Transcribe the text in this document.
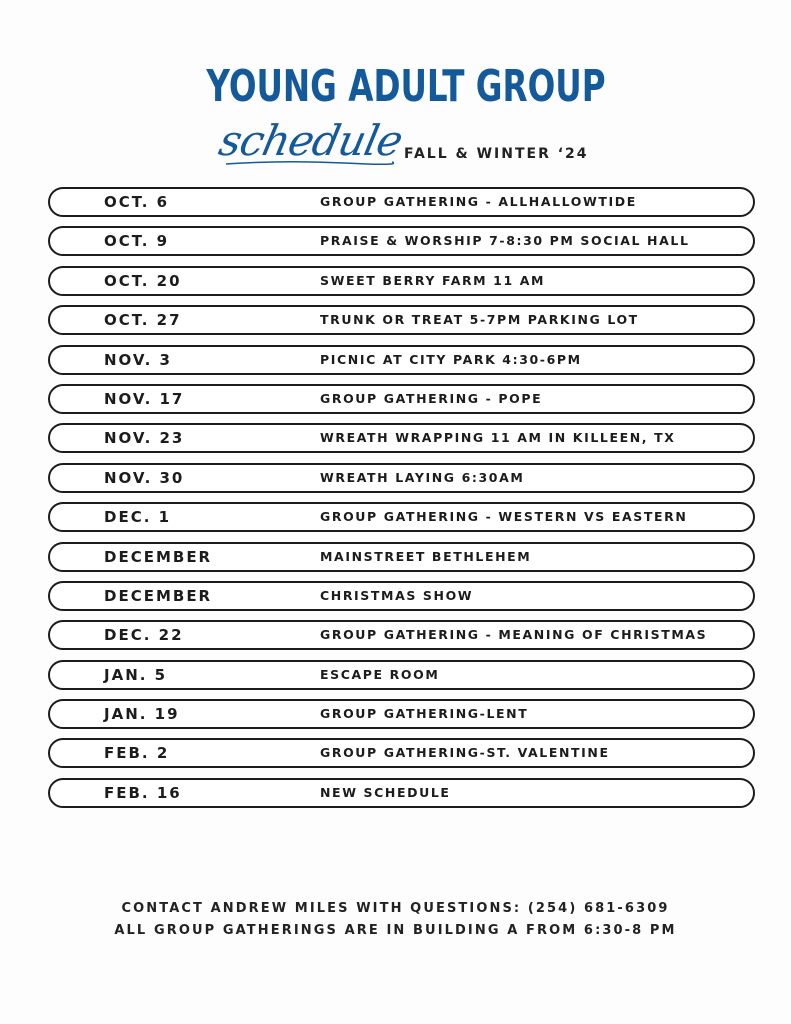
YOUNG ADULT GROUP
schedule
FALL & WINTER ‘24
OCT. 6	GROUP GATHERING - ALLHALLOWTIDE
OCT. 9	PRAISE & WORSHIP 7-8:30 PM SOCIAL HALL
OCT. 20	SWEET BERRY FARM 11 AM
OCT. 27	TRUNK OR TREAT 5-7PM PARKING LOT
NOV. 3	PICNIC AT CITY PARK 4:30-6PM
NOV. 17	GROUP GATHERING - POPE
NOV. 23	WREATH WRAPPING 11 AM IN KILLEEN, TX
NOV. 30	WREATH LAYING 6:30AM
DEC. 1	GROUP GATHERING - WESTERN VS EASTERN
DECEMBER	MAINSTREET BETHLEHEM
DECEMBER	CHRISTMAS SHOW
DEC. 22	GROUP GATHERING - MEANING OF CHRISTMAS
JAN. 5	ESCAPE ROOM
JAN. 19	GROUP GATHERING-LENT
FEB. 2	GROUP GATHERING-ST. VALENTINE
FEB. 16	NEW SCHEDULE
CONTACT ANDREW MILES WITH QUESTIONS: (254) 681-6309
ALL GROUP GATHERINGS ARE IN BUILDING A FROM 6:30-8 PM
